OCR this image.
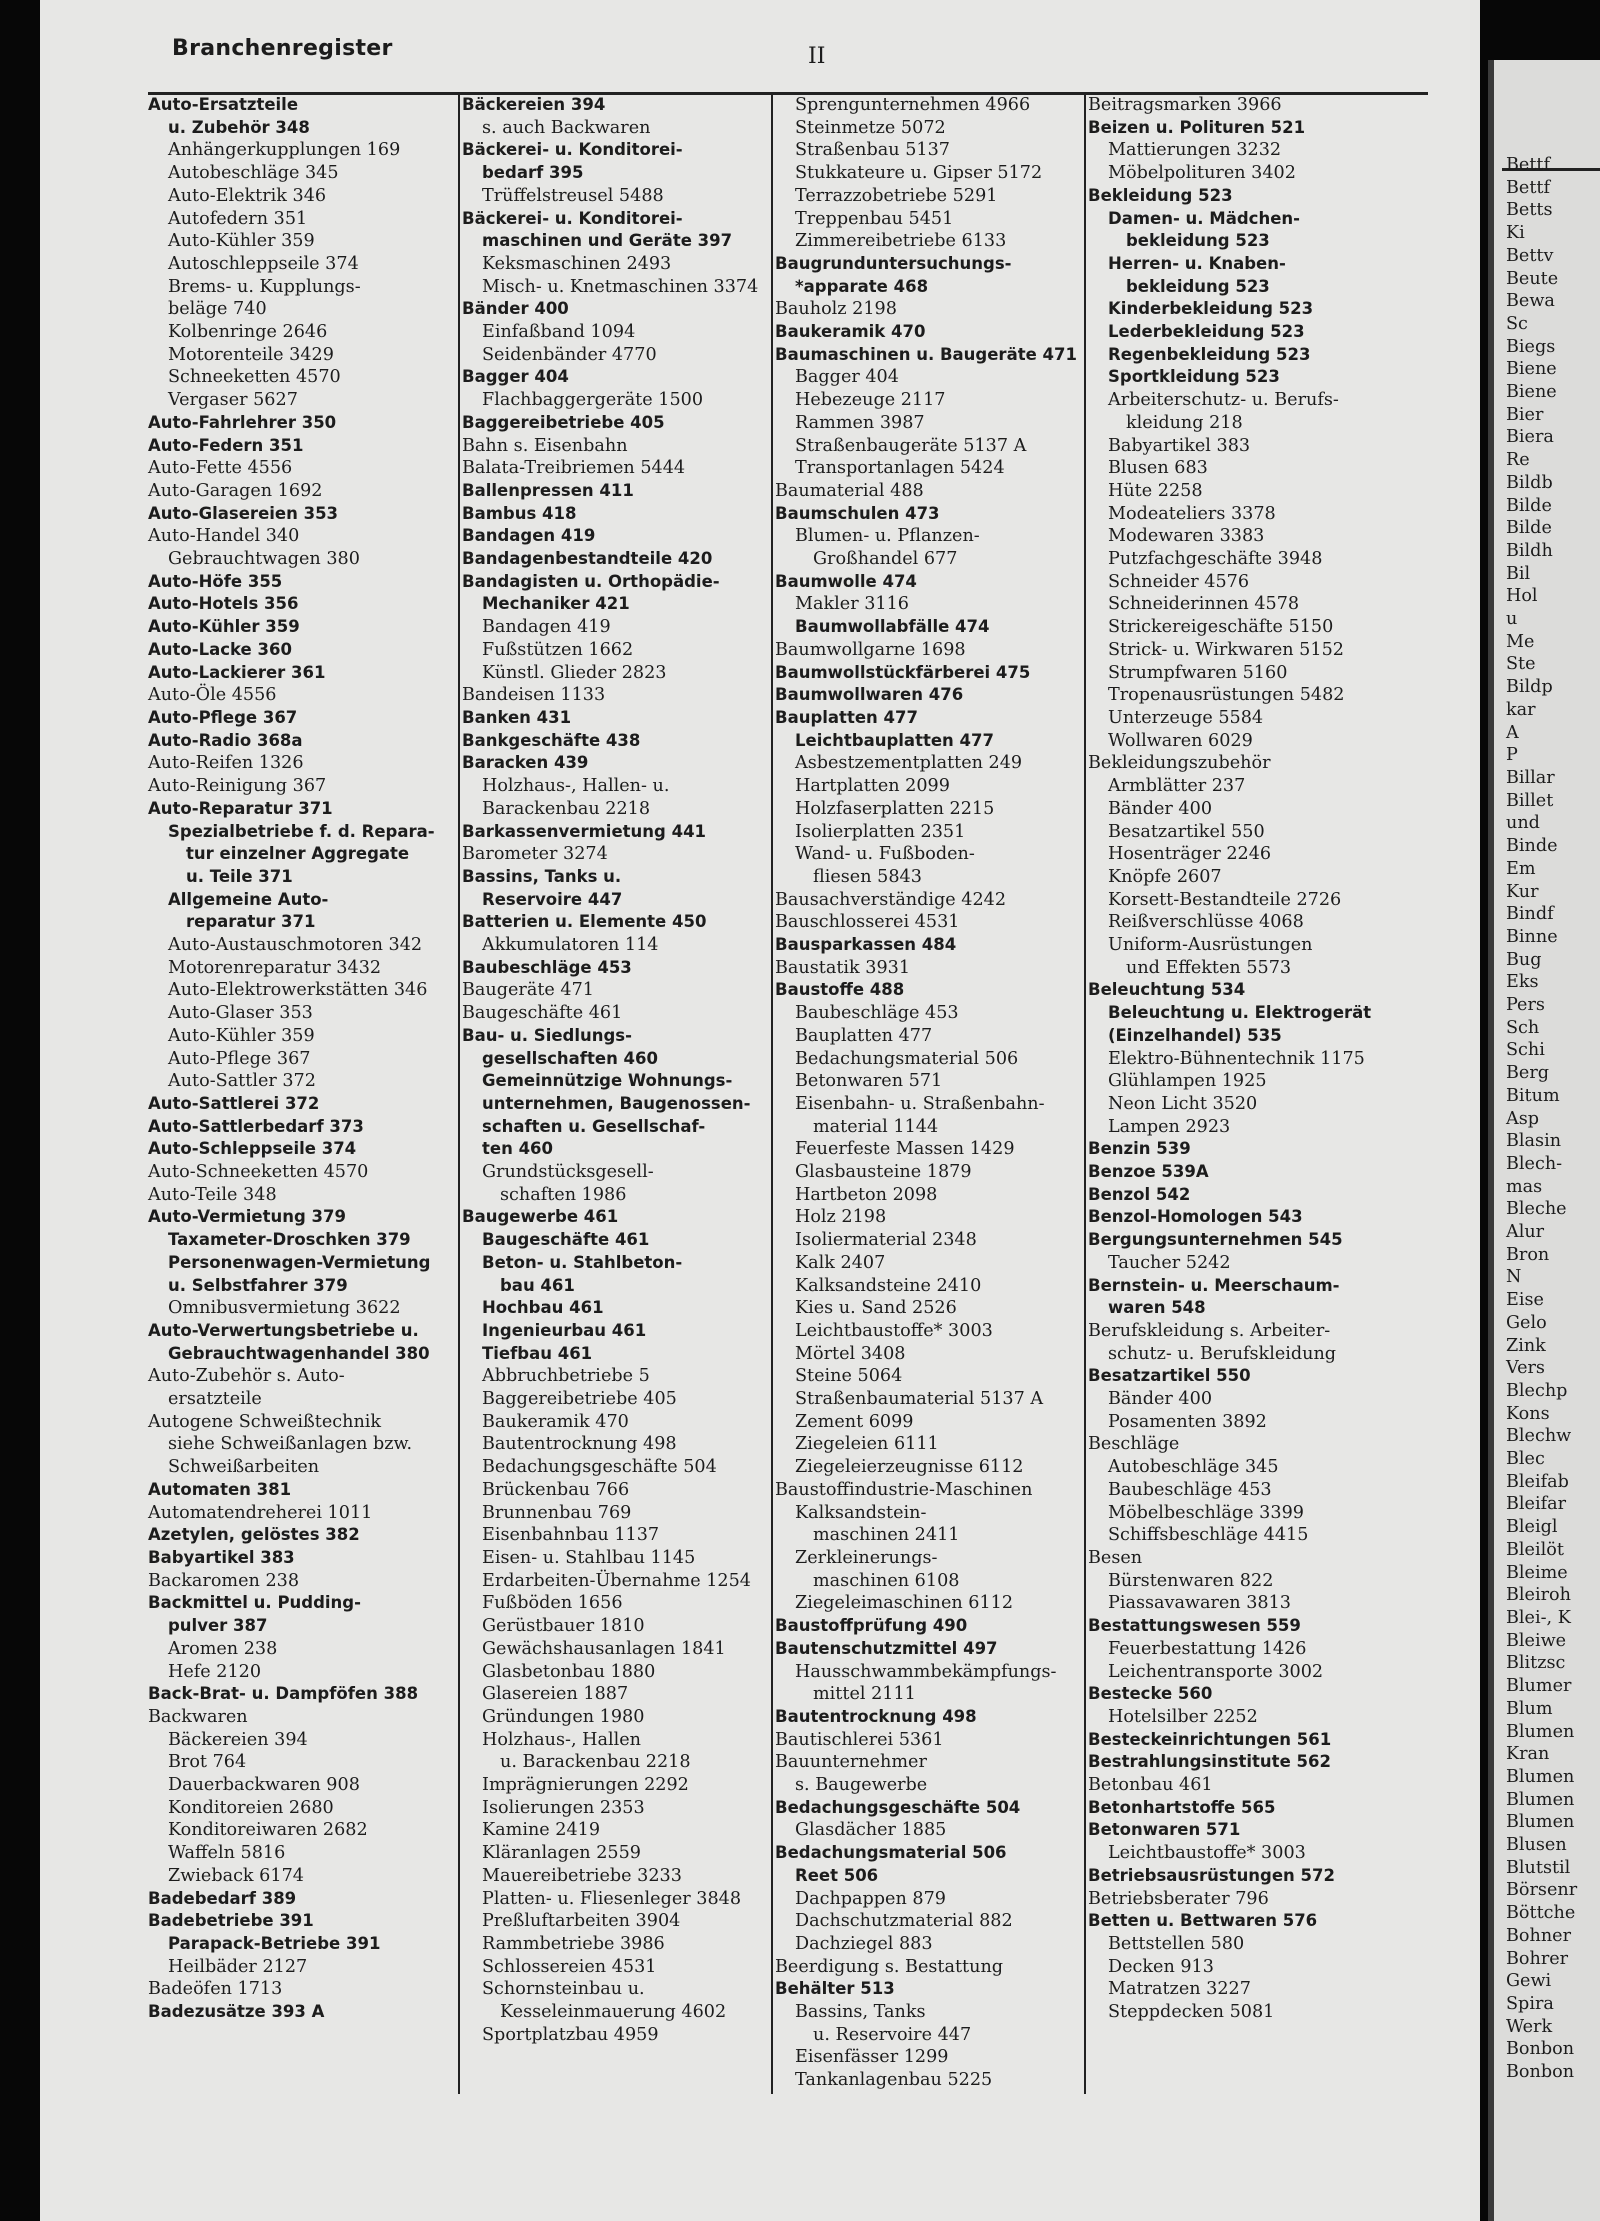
Branchenregister	II
Auto-Ersatzteile
u. Zubehör 348
Anhängerkupplungen 169
Autobeschläge 345
Auto-Elektrik 346
Autofedern 351
Auto-Kühler 359
Autoschleppseile 374
Brems- u. Kupplungs-
beläge 740
Kolbenringe 2646
Motorenteile 3429
Schneeketten 4570
Vergaser 5627
Auto-Fahrlehrer 350
Auto-Federn 351
Auto-Fette 4556
Auto-Garagen 1692
Auto-Glasereien 353
Auto-Handel 340
Gebrauchtwagen 380
Auto-Höfe 355
Auto-Hotels 356
Auto-Kühler 359
Auto-Lacke 360
Auto-Lackierer 361
Auto-Öle 4556
Auto-Pflege 367
Auto-Radio 368a
Auto-Reifen 1326
Auto-Reinigung 367
Auto-Reparatur 371
Spezialbetriebe f. d. Repara-
tur einzelner Aggregate
u. Teile 371
Allgemeine Auto-
reparatur 371
Auto-Austauschmotoren 342
Motorenreparatur 3432
Auto-Elektrowerkstätten 346
Auto-Glaser 353
Auto-Kühler 359
Auto-Pflege 367
Auto-Sattler 372
Auto-Sattlerei 372
Auto-Sattlerbedarf 373
Auto-Schleppseile 374
Auto-Schneeketten 4570
Auto-Teile 348
Auto-Vermietung 379
Taxameter-Droschken 379
Personenwagen-Vermietung
u. Selbstfahrer 379
Omnibusvermietung 3622
Auto-Verwertungsbetriebe u.
Gebrauchtwagenhandel 380
Auto-Zubehör s. Auto-
ersatzteile
Autogene Schweißtechnik
siehe Schweißanlagen bzw.
Schweißarbeiten
Automaten 381
Automatendreherei 1011
Azetylen, gelöstes 382
Babyartikel 383
Backaromen 238
Backmittel u. Pudding-
pulver 387
Aromen 238
Hefe 2120
Back-Brat- u. Dampföfen 388
Backwaren
Bäckereien 394
Brot 764
Dauerbackwaren 908
Konditoreien 2680
Konditoreiwaren 2682
Waffeln 5816
Zwieback 6174
Badebedarf 389
Badebetriebe 391
Parapack-Betriebe 391
Heilbäder 2127
Badeöfen 1713
Badezusätze 393 A
Bäckereien 394
s. auch Backwaren
Bäckerei- u. Konditorei-
bedarf 395
Trüffelstreusel 5488
Bäckerei- u. Konditorei-
maschinen und Geräte 397
Keksmaschinen 2493
Misch- u. Knetmaschinen 3374
Bänder 400
Einfaßband 1094
Seidenbänder 4770
Bagger 404
Flachbaggergeräte 1500
Baggereibetriebe 405
Bahn s. Eisenbahn
Balata-Treibriemen 5444
Ballenpressen 411
Bambus 418
Bandagen 419
Bandagenbestandteile 420
Bandagisten u. Orthopädie-
Mechaniker 421
Bandagen 419
Fußstützen 1662
Künstl. Glieder 2823
Bandeisen 1133
Banken 431
Bankgeschäfte 438
Baracken 439
Holzhaus-, Hallen- u.
Barackenbau 2218
Barkassenvermietung 441
Barometer 3274
Bassins, Tanks u.
Reservoire 447
Batterien u. Elemente 450
Akkumulatoren 114
Baubeschläge 453
Baugeräte 471
Baugeschäfte 461
Bau- u. Siedlungs-
gesellschaften 460
Gemeinnützige Wohnungs-
unternehmen, Baugenossen-
schaften u. Gesellschaf-
ten 460
Grundstücksgesell-
schaften 1986
Baugewerbe 461
Baugeschäfte 461
Beton- u. Stahlbeton-
bau 461
Hochbau 461
Ingenieurbau 461
Tiefbau 461
Abbruchbetriebe 5
Baggereibetriebe 405
Baukeramik 470
Bautentrocknung 498
Bedachungsgeschäfte 504
Brückenbau 766
Brunnenbau 769
Eisenbahnbau 1137
Eisen- u. Stahlbau 1145
Erdarbeiten-Übernahme 1254
Fußböden 1656
Gerüstbauer 1810
Gewächshausanlagen 1841
Glasbetonbau 1880
Glasereien 1887
Gründungen 1980
Holzhaus-, Hallen
u. Barackenbau 2218
Imprägnierungen 2292
Isolierungen 2353
Kamine 2419
Kläranlagen 2559
Mauereibetriebe 3233
Platten- u. Fliesenleger 3848
Preßluftarbeiten 3904
Rammbetriebe 3986
Schlossereien 4531
Schornsteinbau u.
Kesseleinmauerung 4602
Sportplatzbau 4959
Sprengunternehmen 4966
Steinmetze 5072
Straßenbau 5137
Stukkateure u. Gipser 5172
Terrazzobetriebe 5291
Treppenbau 5451
Zimmereibetriebe 6133
Baugrunduntersuchungs-
*apparate 468
Bauholz 2198
Baukeramik 470
Baumaschinen u. Baugeräte 471
Bagger 404
Hebezeuge 2117
Rammen 3987
Straßenbaugeräte 5137 A
Transportanlagen 5424
Baumaterial 488
Baumschulen 473
Blumen- u. Pflanzen-
Großhandel 677
Baumwolle 474
Makler 3116
Baumwollabfälle 474
Baumwollgarne 1698
Baumwollstückfärberei 475
Baumwollwaren 476
Bauplatten 477
Leichtbauplatten 477
Asbestzementplatten 249
Hartplatten 2099
Holzfaserplatten 2215
Isolierplatten 2351
Wand- u. Fußboden-
fliesen 5843
Bausachverständige 4242
Bauschlosserei 4531
Bausparkassen 484
Baustatik 3931
Baustoffe 488
Baubeschläge 453
Bauplatten 477
Bedachungsmaterial 506
Betonwaren 571
Eisenbahn- u. Straßenbahn-
material 1144
Feuerfeste Massen 1429
Glasbausteine 1879
Hartbeton 2098
Holz 2198
Isoliermaterial 2348
Kalk 2407
Kalksandsteine 2410
Kies u. Sand 2526
Leichtbaustoffe* 3003
Mörtel 3408
Steine 5064
Straßenbaumaterial 5137 A
Zement 6099
Ziegeleien 6111
Ziegeleierzeugnisse 6112
Baustoffindustrie-Maschinen
Kalksandstein-
maschinen 2411
Zerkleinerungs-
maschinen 6108
Ziegeleimaschinen 6112
Baustoffprüfung 490
Bautenschutzmittel 497
Hausschwammbekämpfungs-
mittel 2111
Bautentrocknung 498
Bautischlerei 5361
Bauunternehmer
s. Baugewerbe
Bedachungsgeschäfte 504
Glasdächer 1885
Bedachungsmaterial 506
Reet 506
Dachpappen 879
Dachschutzmaterial 882
Dachziegel 883
Beerdigung s. Bestattung
Behälter 513
Bassins, Tanks
u. Reservoire 447
Eisenfässer 1299
Tankanlagenbau 5225
Beitragsmarken 3966
Beizen u. Polituren 521
Mattierungen 3232
Möbelpolituren 3402
Bekleidung 523
Damen- u. Mädchen-
bekleidung 523
Herren- u. Knaben-
bekleidung 523
Kinderbekleidung 523
Lederbekleidung 523
Regenbekleidung 523
Sportkleidung 523
Arbeiterschutz- u. Berufs-
kleidung 218
Babyartikel 383
Blusen 683
Hüte 2258
Modeateliers 3378
Modewaren 3383
Putzfachgeschäfte 3948
Schneider 4576
Schneiderinnen 4578
Strickereigeschäfte 5150
Strick- u. Wirkwaren 5152
Strumpfwaren 5160
Tropenausrüstungen 5482
Unterzeuge 5584
Wollwaren 6029
Bekleidungszubehör
Armblätter 237
Bänder 400
Besatzartikel 550
Hosenträger 2246
Knöpfe 2607
Korsett-Bestandteile 2726
Reißverschlüsse 4068
Uniform-Ausrüstungen
und Effekten 5573
Beleuchtung 534
Beleuchtung u. Elektrogerät
(Einzelhandel) 535
Elektro-Bühnentechnik 1175
Glühlampen 1925
Neon Licht 3520
Lampen 2923
Benzin 539
Benzoe 539A
Benzol 542
Benzol-Homologen 543
Bergungsunternehmen 545
Taucher 5242
Bernstein- u. Meerschaum-
waren 548
Berufskleidung s. Arbeiter-
schutz- u. Berufskleidung
Besatzartikel 550
Bänder 400
Posamenten 3892
Beschläge
Autobeschläge 345
Baubeschläge 453
Möbelbeschläge 3399
Schiffsbeschläge 4415
Besen
Bürstenwaren 822
Piassavawaren 3813
Bestattungswesen 559
Feuerbestattung 1426
Leichentransporte 3002
Bestecke 560
Hotelsilber 2252
Besteckeinrichtungen 561
Bestrahlungsinstitute 562
Betonbau 461
Betonhartstoffe 565
Betonwaren 571
Leichtbaustoffe* 3003
Betriebsausrüstungen 572
Betriebsberater 796
Betten u. Bettwaren 576
Bettstellen 580
Decken 913
Matratzen 3227
Steppdecken 5081
Bettf
Bettf
Betts
Ki
Bettv
Beute
Bewa
Sc
Biegs
Biene
Biene
Bier
Biera
Re
Bildb
Bilde
Bilde
Bildh
Bil
Hol
u
Me
Ste
Bildp
kar
A
P
Billar
Billet
und
Binde
Em
Kur
Bindf
Binne
Bug
Eks
Pers
Sch
Schi
Berg
Bitum
Asp
Blasin
Blech-
mas
Bleche
Alur
Bron
N
Eise
Gelo
Zink
Vers
Blechp
Kons
Blechw
Blec
Bleifab
Bleifar
Bleigl
Bleilöt
Bleime
Bleiroh
Blei-, K
Bleiwe
Blitzsc
Blumer
Blum
Blumen
Kran
Blumen
Blumen
Blumen
Blusen
Blutstil
Börsenr
Böttche
Bohner
Bohrer
Gewi
Spira
Werk
Bonbon
Bonbon
